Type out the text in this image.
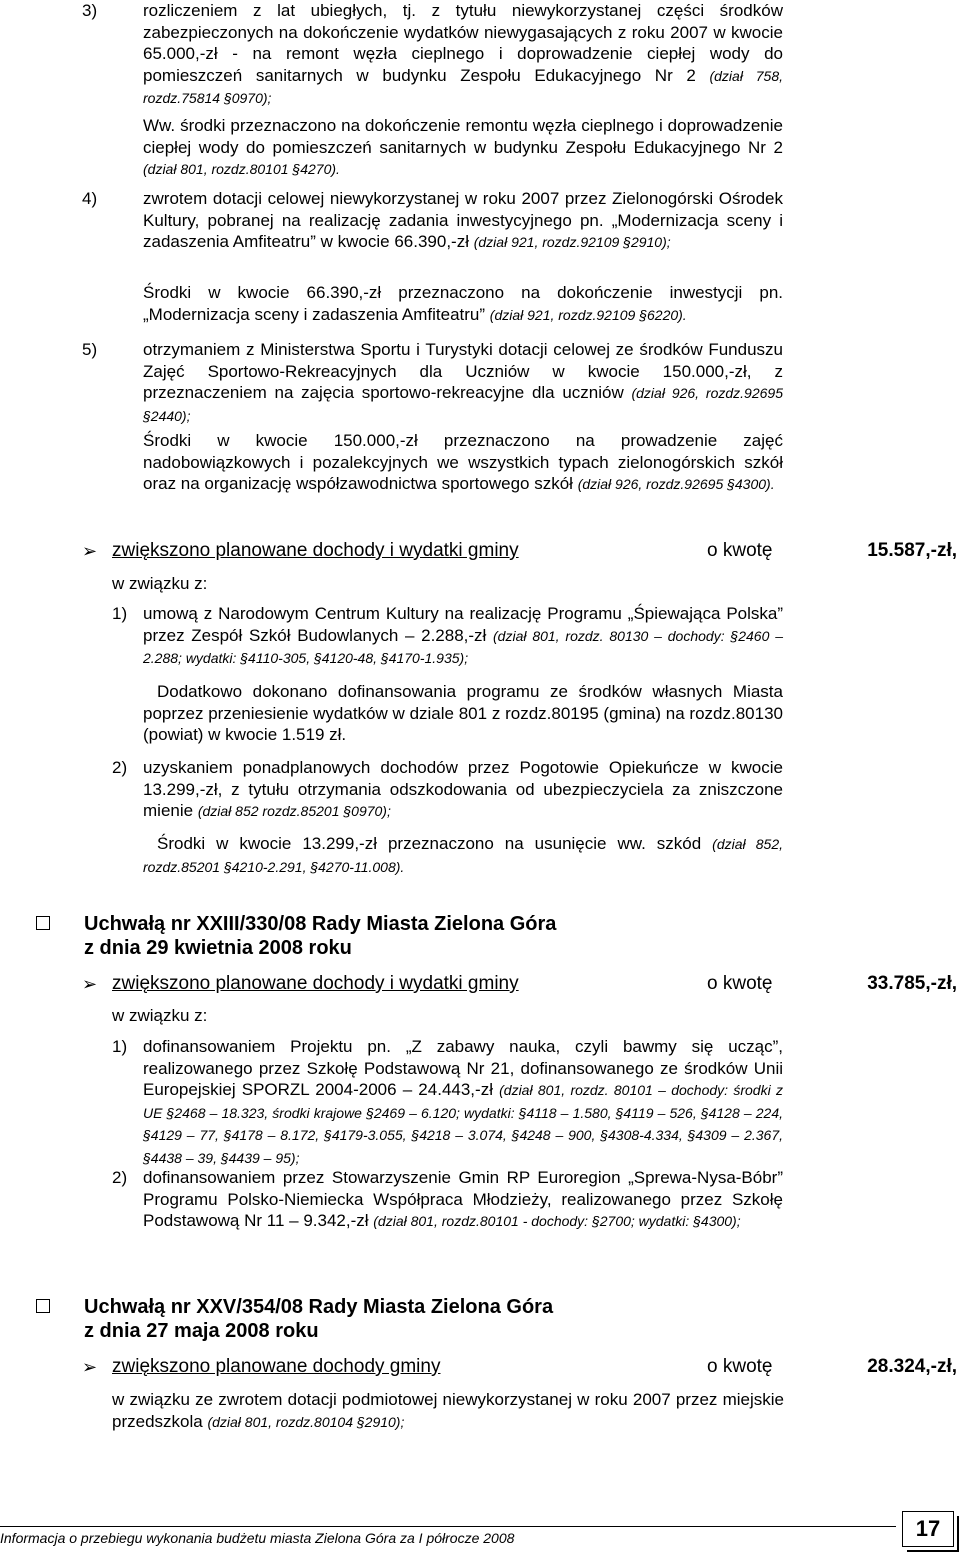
3)	rozliczeniem z lat ubiegłych, tj. z tytułu niewykorzystanej części środków zabezpieczonych na dokończenie wydatków niewygasających z roku 2007 w kwocie 65.000,-zł - na remont węzła cieplnego i doprowadzenie ciepłej wody do pomieszczeń sanitarnych w budynku Zespołu Edukacyjnego Nr 2 (dział 758, rozdz.75814 §0970);
Ww. środki przeznaczono na dokończenie remontu węzła cieplnego i doprowadzenie ciepłej wody do pomieszczeń sanitarnych w budynku Zespołu Edukacyjnego Nr 2 (dział 801, rozdz.80101 §4270).
4)	zwrotem dotacji celowej niewykorzystanej w roku 2007 przez Zielonogórski Ośrodek Kultury, pobranej na realizację zadania inwestycyjnego pn. „Modernizacja sceny i zadaszenia Amfiteatru” w kwocie 66.390,-zł (dział 921, rozdz.92109 §2910);
Środki w kwocie 66.390,-zł przeznaczono na dokończenie inwestycji pn. „Modernizacja sceny i zadaszenia Amfiteatru” (dział 921, rozdz.92109 §6220).
5)	otrzymaniem z Ministerstwa Sportu i Turystyki dotacji celowej ze środków Funduszu Zajęć Sportowo-Rekreacyjnych dla Uczniów w kwocie 150.000,-zł, z przeznaczeniem na zajęcia sportowo-rekreacyjne dla uczniów (dział 926, rozdz.92695 §2440);
Środki w kwocie 150.000,-zł przeznaczono na prowadzenie zajęć nadobowiązkowych i pozalekcyjnych we wszystkich typach zielonogórskich szkół oraz na organizację współzawodnictwa sportowego szkół (dział 926, rozdz.92695 §4300).
➢ zwiększono planowane dochody i wydatki gminy	o kwotę	15.587,-zł,
w związku z:
1) umową z Narodowym Centrum Kultury na realizację Programu „Śpiewająca Polska” przez Zespół Szkół Budowlanych – 2.288,-zł (dział 801, rozdz. 80130 – dochody: §2460 – 2.288; wydatki: §4110-305, §4120-48, §4170-1.935);
Dodatkowo dokonano dofinansowania programu ze środków własnych Miasta poprzez przeniesienie wydatków w dziale 801 z rozdz.80195 (gmina) na rozdz.80130 (powiat) w kwocie 1.519 zł.
2) uzyskaniem ponadplanowych dochodów przez Pogotowie Opiekuńcze w kwocie 13.299,-zł, z tytułu otrzymania odszkodowania od ubezpieczyciela za zniszczone mienie (dział 852 rozdz.85201 §0970);
Środki w kwocie 13.299,-zł przeznaczono na usunięcie ww. szkód (dział 852, rozdz.85201 §4210-2.291, §4270-11.008).
Uchwałą nr XXIII/330/08 Rady Miasta Zielona Góra
z dnia 29 kwietnia 2008 roku
➢ zwiększono planowane dochody i wydatki gminy	o kwotę	33.785,-zł,
w związku z:
1) dofinansowaniem Projektu pn. „Z zabawy nauka, czyli bawmy się ucząc”, realizowanego przez Szkołę Podstawową Nr 21, dofinansowanego ze środków Unii Europejskiej SPORZL 2004-2006 – 24.443,-zł (dział 801, rozdz. 80101 – dochody: środki z UE §2468 – 18.323, środki krajowe §2469 – 6.120; wydatki: §4118 – 1.580, §4119 – 526, §4128 – 224, §4129 – 77, §4178 – 8.172, §4179-3.055, §4218 – 3.074, §4248 – 900, §4308-4.334, §4309 – 2.367, §4438 – 39, §4439 – 95);
2) dofinansowaniem przez Stowarzyszenie Gmin RP Euroregion „Sprewa-Nysa-Bóbr” Programu Polsko-Niemiecka Współpraca Młodzieży, realizowanego przez Szkołę Podstawową Nr 11 – 9.342,-zł (dział 801, rozdz.80101 - dochody: §2700; wydatki: §4300);
Uchwałą nr XXV/354/08 Rady Miasta Zielona Góra
z dnia 27 maja 2008 roku
➢ zwiększono planowane dochody gminy	o kwotę	28.324,-zł,
w związku ze zwrotem dotacji podmiotowej niewykorzystanej w roku 2007 przez miejskie przedszkola (dział 801, rozdz.80104 §2910);
Informacja o przebiegu wykonania budżetu miasta Zielona Góra za I półrocze 2008	17
